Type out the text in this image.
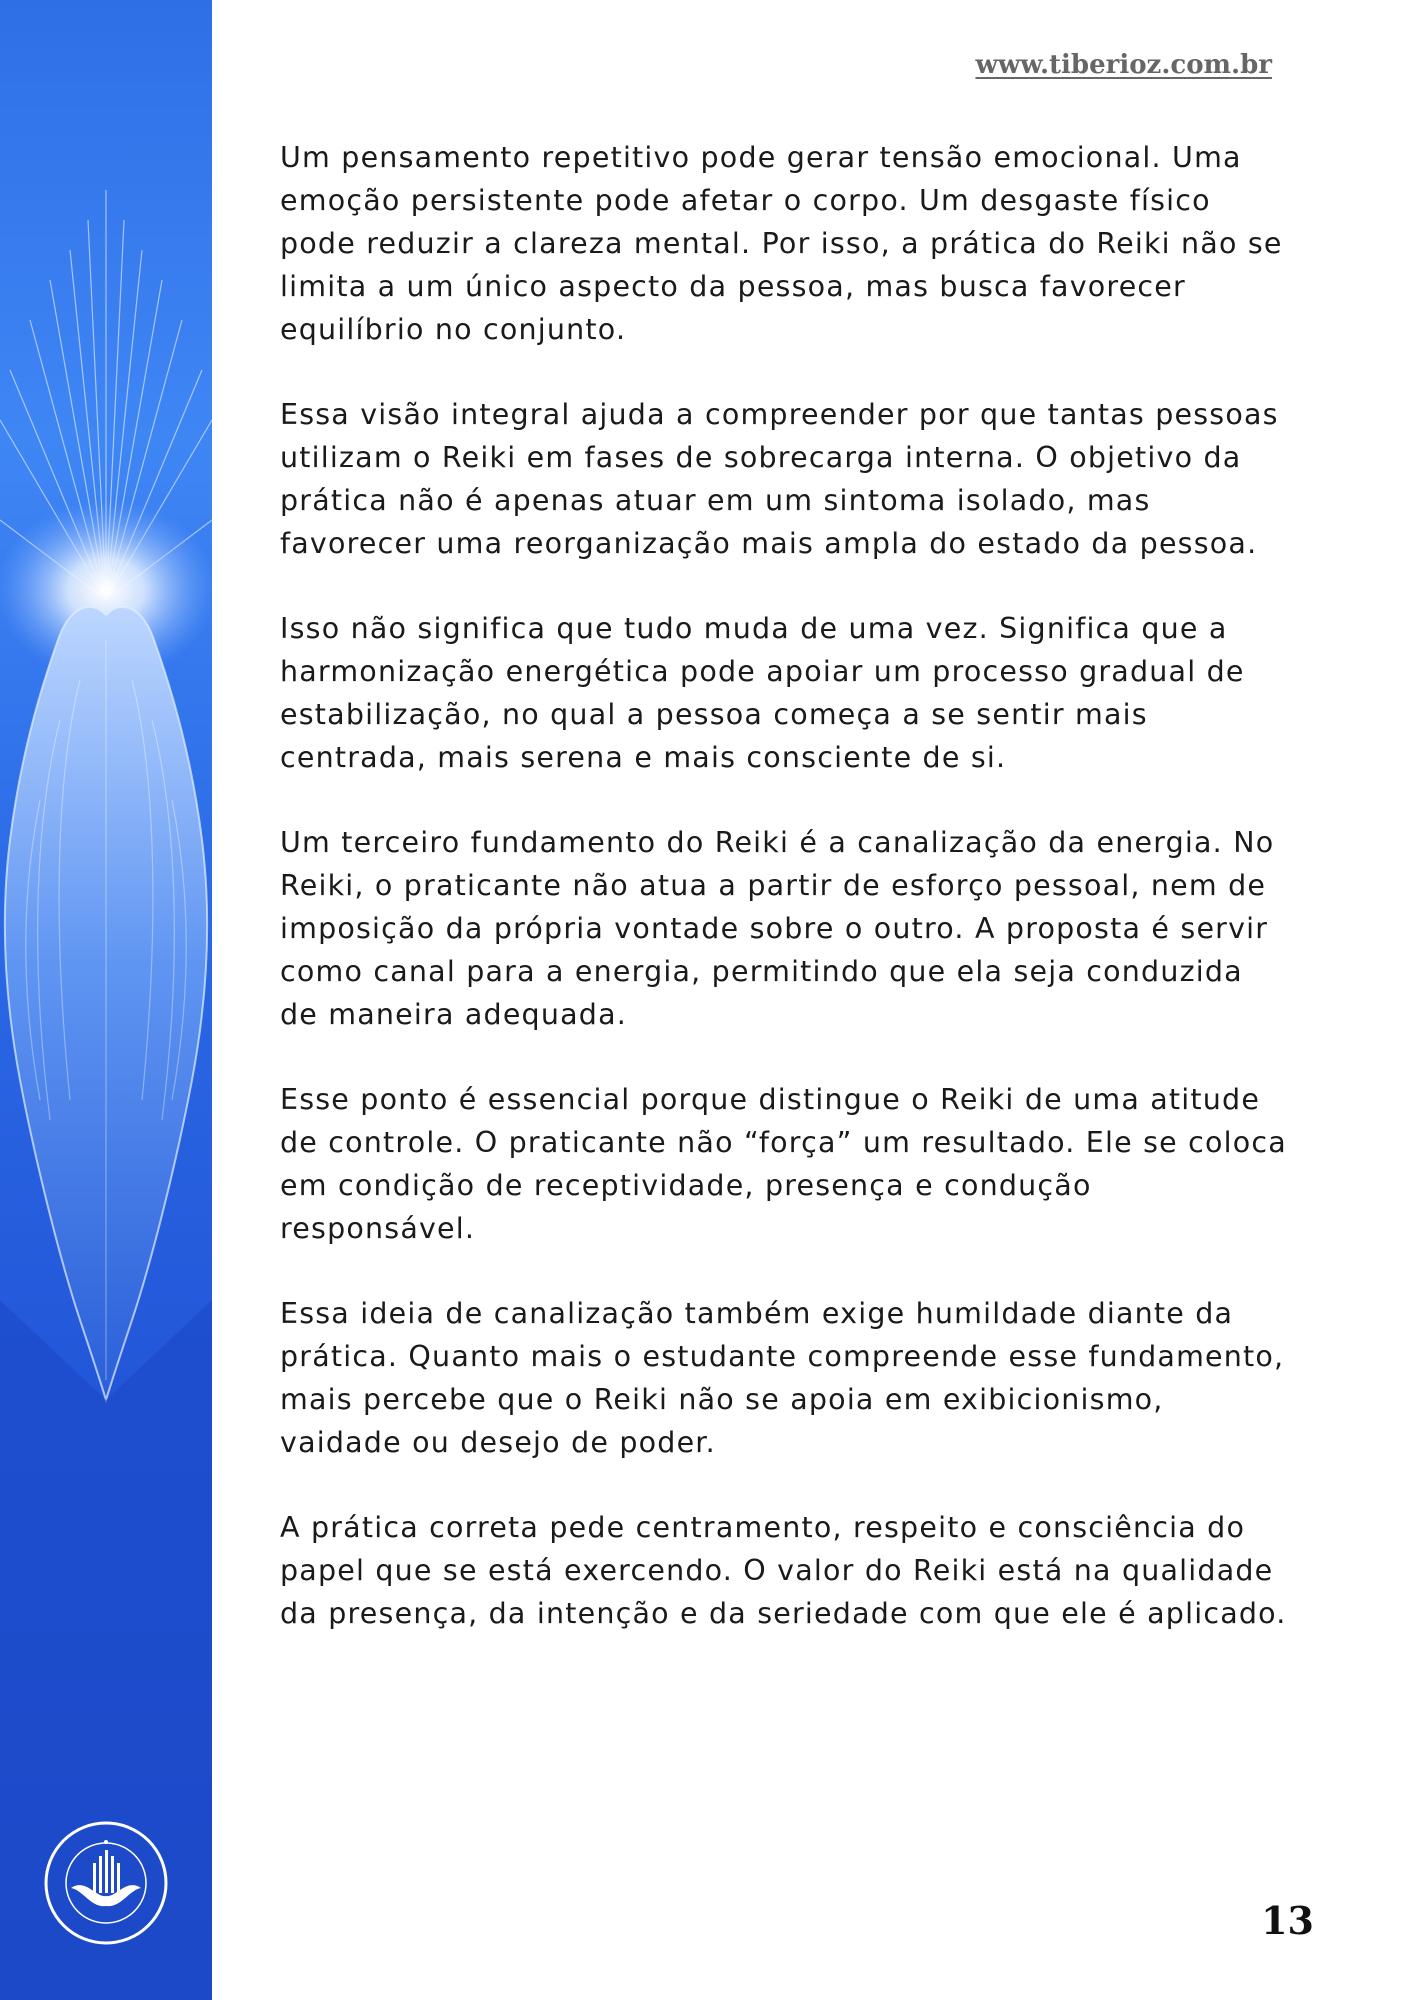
www.tiberioz.com.br

Um pensamento repetitivo pode gerar tensão emocional. Uma emoção persistente pode afetar o corpo. Um desgaste físico pode reduzir a clareza mental. Por isso, a prática do Reiki não se limita a um único aspecto da pessoa, mas busca favorecer equilíbrio no conjunto.

Essa visão integral ajuda a compreender por que tantas pessoas utilizam o Reiki em fases de sobrecarga interna. O objetivo da prática não é apenas atuar em um sintoma isolado, mas favorecer uma reorganização mais ampla do estado da pessoa.

Isso não significa que tudo muda de uma vez. Significa que a harmonização energética pode apoiar um processo gradual de estabilização, no qual a pessoa começa a se sentir mais centrada, mais serena e mais consciente de si.

Um terceiro fundamento do Reiki é a canalização da energia. No Reiki, o praticante não atua a partir de esforço pessoal, nem de imposição da própria vontade sobre o outro. A proposta é servir como canal para a energia, permitindo que ela seja conduzida de maneira adequada.

Esse ponto é essencial porque distingue o Reiki de uma atitude de controle. O praticante não “força” um resultado. Ele se coloca em condição de receptividade, presença e condução responsável.

Essa ideia de canalização também exige humildade diante da prática. Quanto mais o estudante compreende esse fundamento, mais percebe que o Reiki não se apoia em exibicionismo, vaidade ou desejo de poder.

A prática correta pede centramento, respeito e consciência do papel que se está exercendo. O valor do Reiki está na qualidade da presença, da intenção e da seriedade com que ele é aplicado.

13
